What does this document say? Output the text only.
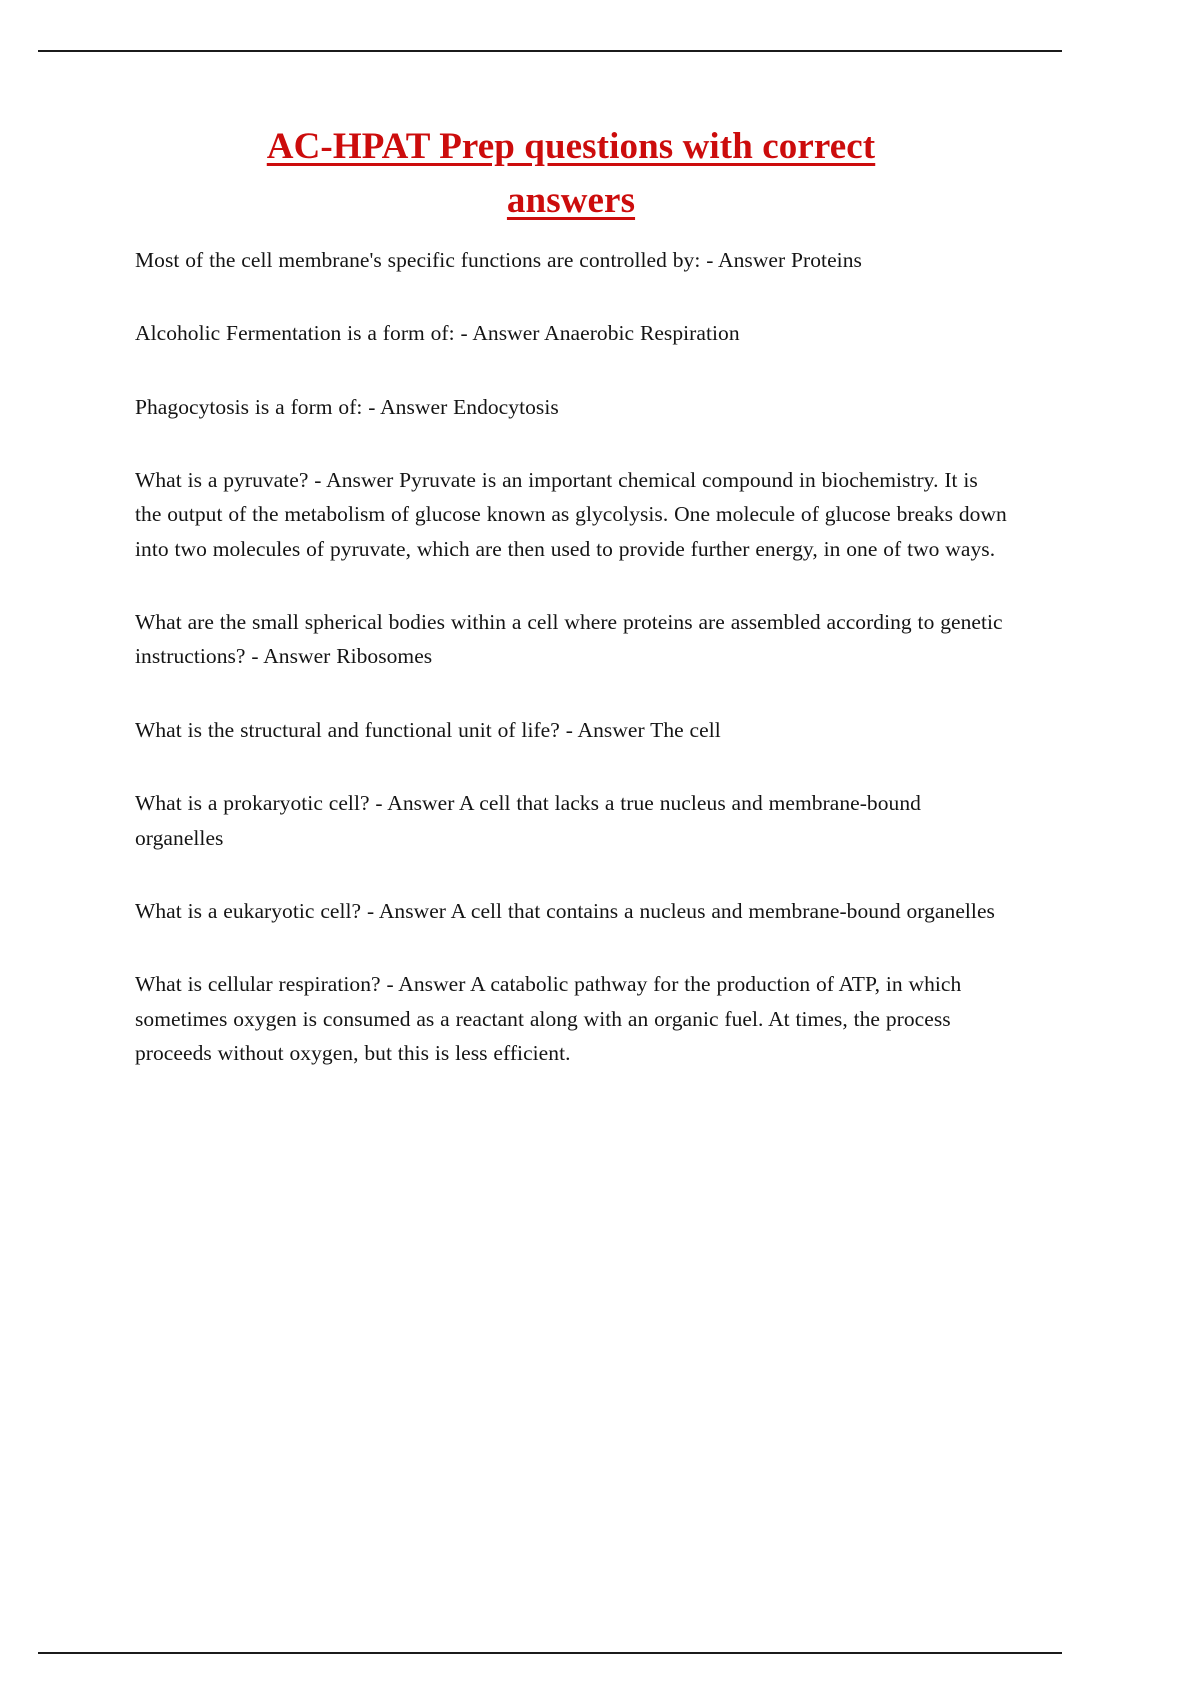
AC-HPAT Prep questions with correct
answers

Most of the cell membrane's specific functions are controlled by: - Answer Proteins

Alcoholic Fermentation is a form of: - Answer Anaerobic Respiration

Phagocytosis is a form of: - Answer Endocytosis

What is a pyruvate? - Answer Pyruvate is an important chemical compound in biochemistry. It is the output of the metabolism of glucose known as glycolysis. One molecule of glucose breaks down into two molecules of pyruvate, which are then used to provide further energy, in one of two ways.

What are the small spherical bodies within a cell where proteins are assembled according to genetic instructions? - Answer Ribosomes

What is the structural and functional unit of life? - Answer The cell

What is a prokaryotic cell? - Answer A cell that lacks a true nucleus and membrane-bound organelles

What is a eukaryotic cell? - Answer A cell that contains a nucleus and membrane-bound organelles

What is cellular respiration? - Answer A catabolic pathway for the production of ATP, in which sometimes oxygen is consumed as a reactant along with an organic fuel. At times, the process proceeds without oxygen, but this is less efficient.
